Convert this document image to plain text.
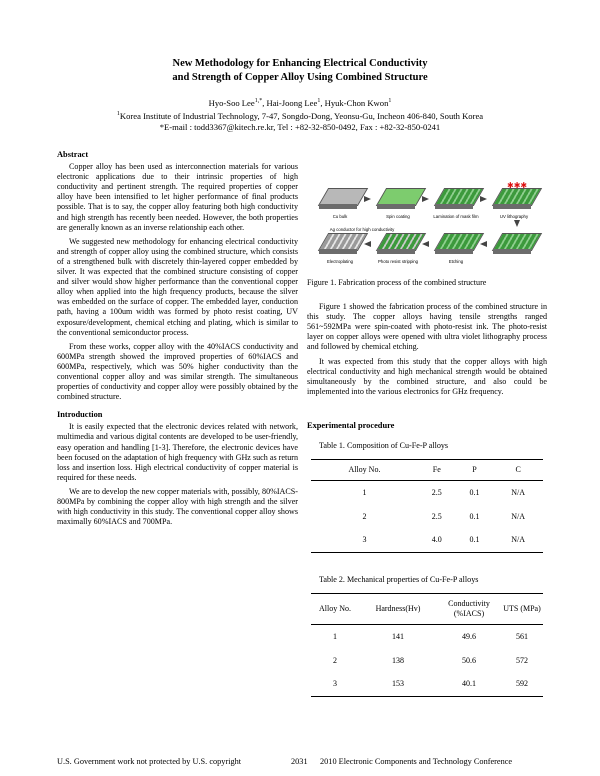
New Methodology for Enhancing Electrical Conductivity
and Strength of Copper Alloy Using Combined Structure
Hyo-Soo Lee$^{1,*}$, Hai-Joong Lee$^1$, Hyuk-Chon Kwon$^1$
$^1$Korea Institute of Industrial Technology, 7-47, Songdo-Dong, Yeonsu-Gu, Incheon 406-840, South Korea
*E-mail : todd3367@kitech.re.kr, Tel : +82-32-850-0492, Fax : +82-32-850-0241
Abstract

Copper alloy has been used as interconnection materials for various electronic applications due to their intrinsic properties of high conductivity and pertinent strength. The required properties of copper alloy have been intensified to let higher performance of final products possible. That is to say, the copper alloy featuring both high conductivity and high strength has recently been needed. However, the both properties are generally known as an inverse relationship each other.

We suggested new methodology for enhancing electrical conductivity and strength of copper alloy using the combined structure, which consists of a strengthened bulk with discretely thin-layered copper embedded by silver. It was expected that the combined structure consisting of copper and silver would show higher performance than the conventional copper alloy when applied into the high frequency products, because the silver was embedded on the surface of copper. The embedded layer, conduction path, having a 100um width was formed by photo resist coating, UV exposure/development, chemical etching and plating, which is similar to the conventional semiconductor process.

From these works, copper alloy with the 40%IACS conductivity and 600MPa strength showed the improved properties of 60%IACS and 600MPa, respectively, which was 50% higher conductivity than the conventional copper alloy and was similar strength. The simultaneous properties of conductivity and copper alloy were possibly obtained by the combined structure.

Introduction

It is easily expected that the electronic devices related with network, multimedia and various digital contents are developed to be user-friendly, easy operation and handling [1-3]. Therefore, the electronic devices have been focused on the adaptation of high frequency with GHz such as return loss and insertion loss. High electrical conductivity of copper material is required for these needs.

We are to develop the new copper materials with, possibly, 80%IACS-800MPa by combining the copper alloy with high strength and the silver with high conductivity in this study. The conventional copper alloy shows maximally 60%IACS and 700MPa.

✱✱✱
Cu bulk	Spin coating	Lamination of mask film	UV lithography
Ag conductor for high conductivity
Electroplating	Photo resist stripping	Etching
Figure 1. Fabrication process of the combined structure

Figure 1 showed the fabrication process of the combined structure in this study. The copper alloys having tensile strengths ranged 561~592MPa were spin-coated with photo-resist ink. The photo-resist layer on copper alloys were opened with ultra violet lithography process and followed by chemical etching.

It was expected from this study that the copper alloys with high electrical conductivity and high mechanical strength would be obtained simultaneously by the combined structure, and also could be implemented into the various electronics for GHz frequency.

Experimental procedure

Table 1. Composition of Cu-Fe-P alloys

Alloy No.	Fe	P	C
1	2.5	0.1	N/A
2	2.5	0.1	N/A
3	4.0	0.1	N/A

Table 2. Mechanical properties of Cu-Fe-P alloys

Alloy No.	Hardness(Hv)	Conductivity (%IACS)	UTS (MPa)
1	141	49.6	561
2	138	50.6	572
3	153	40.1	592
U.S. Government work not protected by U.S. copyright	2031 2010 Electronic Components and Technology Conference
